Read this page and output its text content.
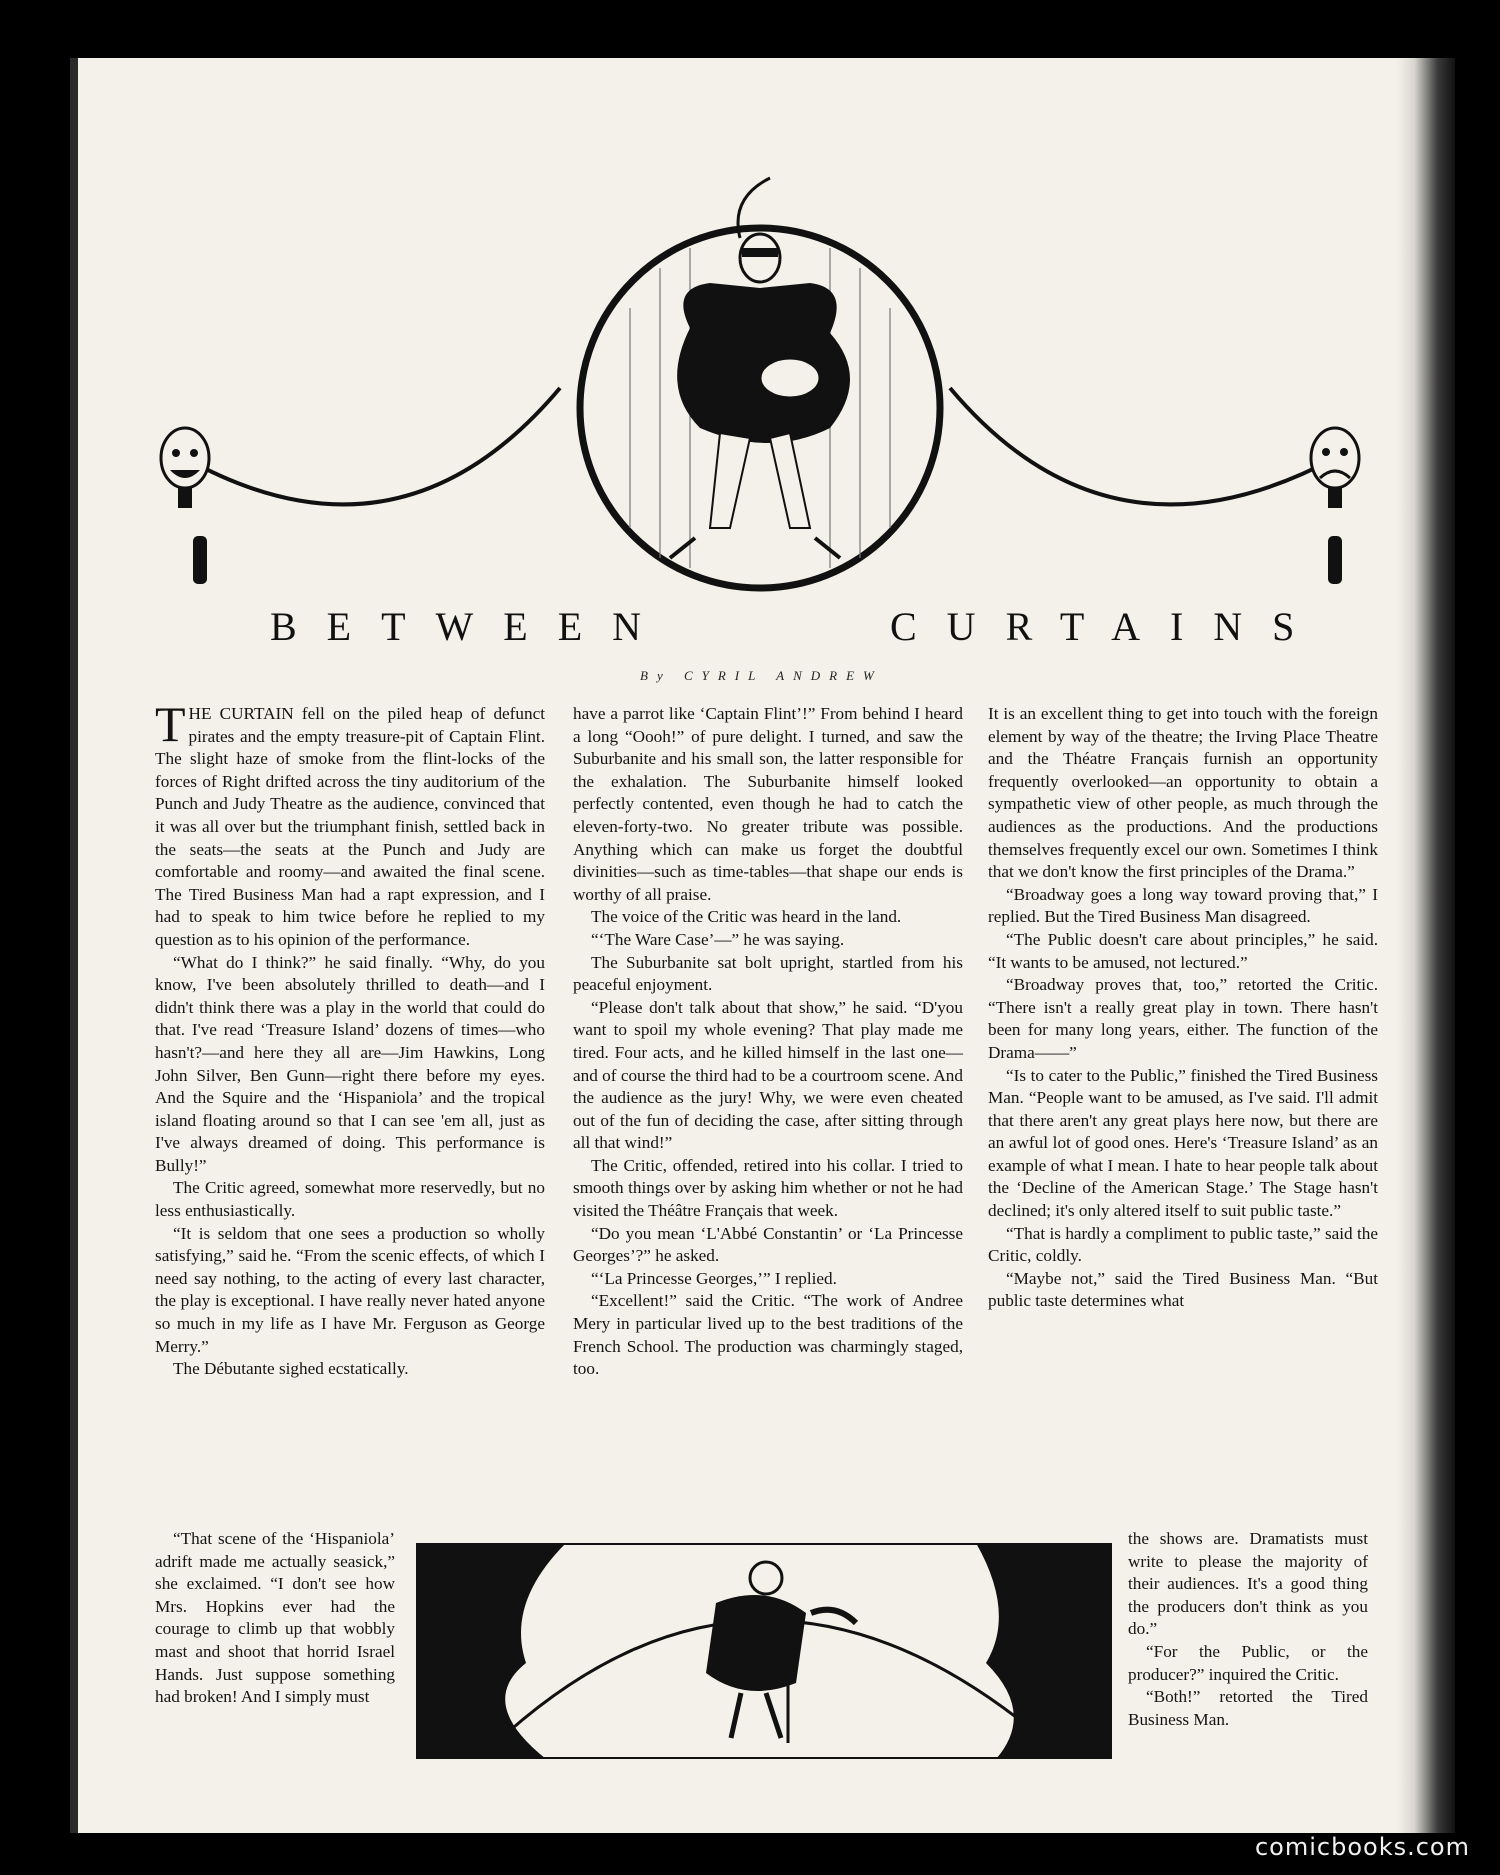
BETWEEN	CURTAINS
By CYRIL ANDREW

THE CURTAIN fell on the piled heap of defunct pirates and the empty treasure-pit of Captain Flint. The slight haze of smoke from the flint-locks of the forces of Right drifted across the tiny auditorium of the Punch and Judy Theatre as the audience, convinced that it was all over but the triumphant finish, settled back in the seats—the seats at the Punch and Judy are comfortable and roomy—and awaited the final scene. The Tired Business Man had a rapt expression, and I had to speak to him twice before he replied to my question as to his opinion of the performance.

“What do I think?” he said finally. “Why, do you know, I've been absolutely thrilled to death—and I didn't think there was a play in the world that could do that. I've read ‘Treasure Island’ dozens of times—who hasn't?—and here they all are—Jim Hawkins, Long John Silver, Ben Gunn—right there before my eyes. And the Squire and the ‘Hispaniola’ and the tropical island floating around so that I can see 'em all, just as I've always dreamed of doing. This performance is Bully!”

The Critic agreed, somewhat more reservedly, but no less enthusiastically.

“It is seldom that one sees a production so wholly satisfying,” said he. “From the scenic effects, of which I need say nothing, to the acting of every last character, the play is exceptional. I have really never hated anyone so much in my life as I have Mr. Ferguson as George Merry.”

The Débutante sighed ecstatically.

“That scene of the ‘Hispaniola’ adrift made me actually seasick,” she exclaimed. “I don't see how Mrs. Hopkins ever had the courage to climb up that wobbly mast and shoot that horrid Israel Hands. Just suppose something had broken! And I simply must

have a parrot like ‘Captain Flint’!” From behind I heard a long “Oooh!” of pure delight. I turned, and saw the Suburbanite and his small son, the latter responsible for the exhalation. The Suburbanite himself looked perfectly contented, even though he had to catch the eleven-forty-two. No greater tribute was possible. Anything which can make us forget the doubtful divinities—such as time-tables—that shape our ends is worthy of all praise.

The voice of the Critic was heard in the land.

“‘The Ware Case’—” he was saying.

The Suburbanite sat bolt upright, startled from his peaceful enjoyment.

“Please don't talk about that show,” he said. “D'you want to spoil my whole evening? That play made me tired. Four acts, and he killed himself in the last one—and of course the third had to be a courtroom scene. And the audience as the jury! Why, we were even cheated out of the fun of deciding the case, after sitting through all that wind!”

The Critic, offended, retired into his collar. I tried to smooth things over by asking him whether or not he had visited the Théâtre Français that week.

“Do you mean ‘L'Abbé Constantin’ or ‘La Princesse Georges’?” he asked.

“‘La Princesse Georges,’” I replied.

“Excellent!” said the Critic. “The work of Andree Mery in particular lived up to the best traditions of the French School. The production was charmingly staged, too.

It is an excellent thing to get into touch with the foreign element by way of the theatre; the Irving Place Theatre and the Théatre Français furnish an opportunity frequently overlooked—an opportunity to obtain a sympathetic view of other people, as much through the audiences as the productions. And the productions themselves frequently excel our own. Sometimes I think that we don't know the first principles of the Drama.”

“Broadway goes a long way toward proving that,” I replied. But the Tired Business Man disagreed.

“The Public doesn't care about principles,” he said. “It wants to be amused, not lectured.”

“Broadway proves that, too,” retorted the Critic. “There isn't a really great play in town. There hasn't been for many long years, either. The function of the Drama——”

“Is to cater to the Public,” finished the Tired Business Man. “People want to be amused, as I've said. I'll admit that there aren't any great plays here now, but there are an awful lot of good ones. Here's ‘Treasure Island’ as an example of what I mean. I hate to hear people talk about the ‘Decline of the American Stage.’ The Stage hasn't declined; it's only altered itself to suit public taste.”

“That is hardly a compliment to public taste,” said the Critic, coldly.

“Maybe not,” said the Tired Business Man. “But public taste determines what

the shows are. Dramatists must write to please the majority of their audiences. It's a good thing the producers don't think as you do.”

“For the Public, or the producer?” inquired the Critic.

“Both!” retorted the Tired Business Man.

comicbooks.com
